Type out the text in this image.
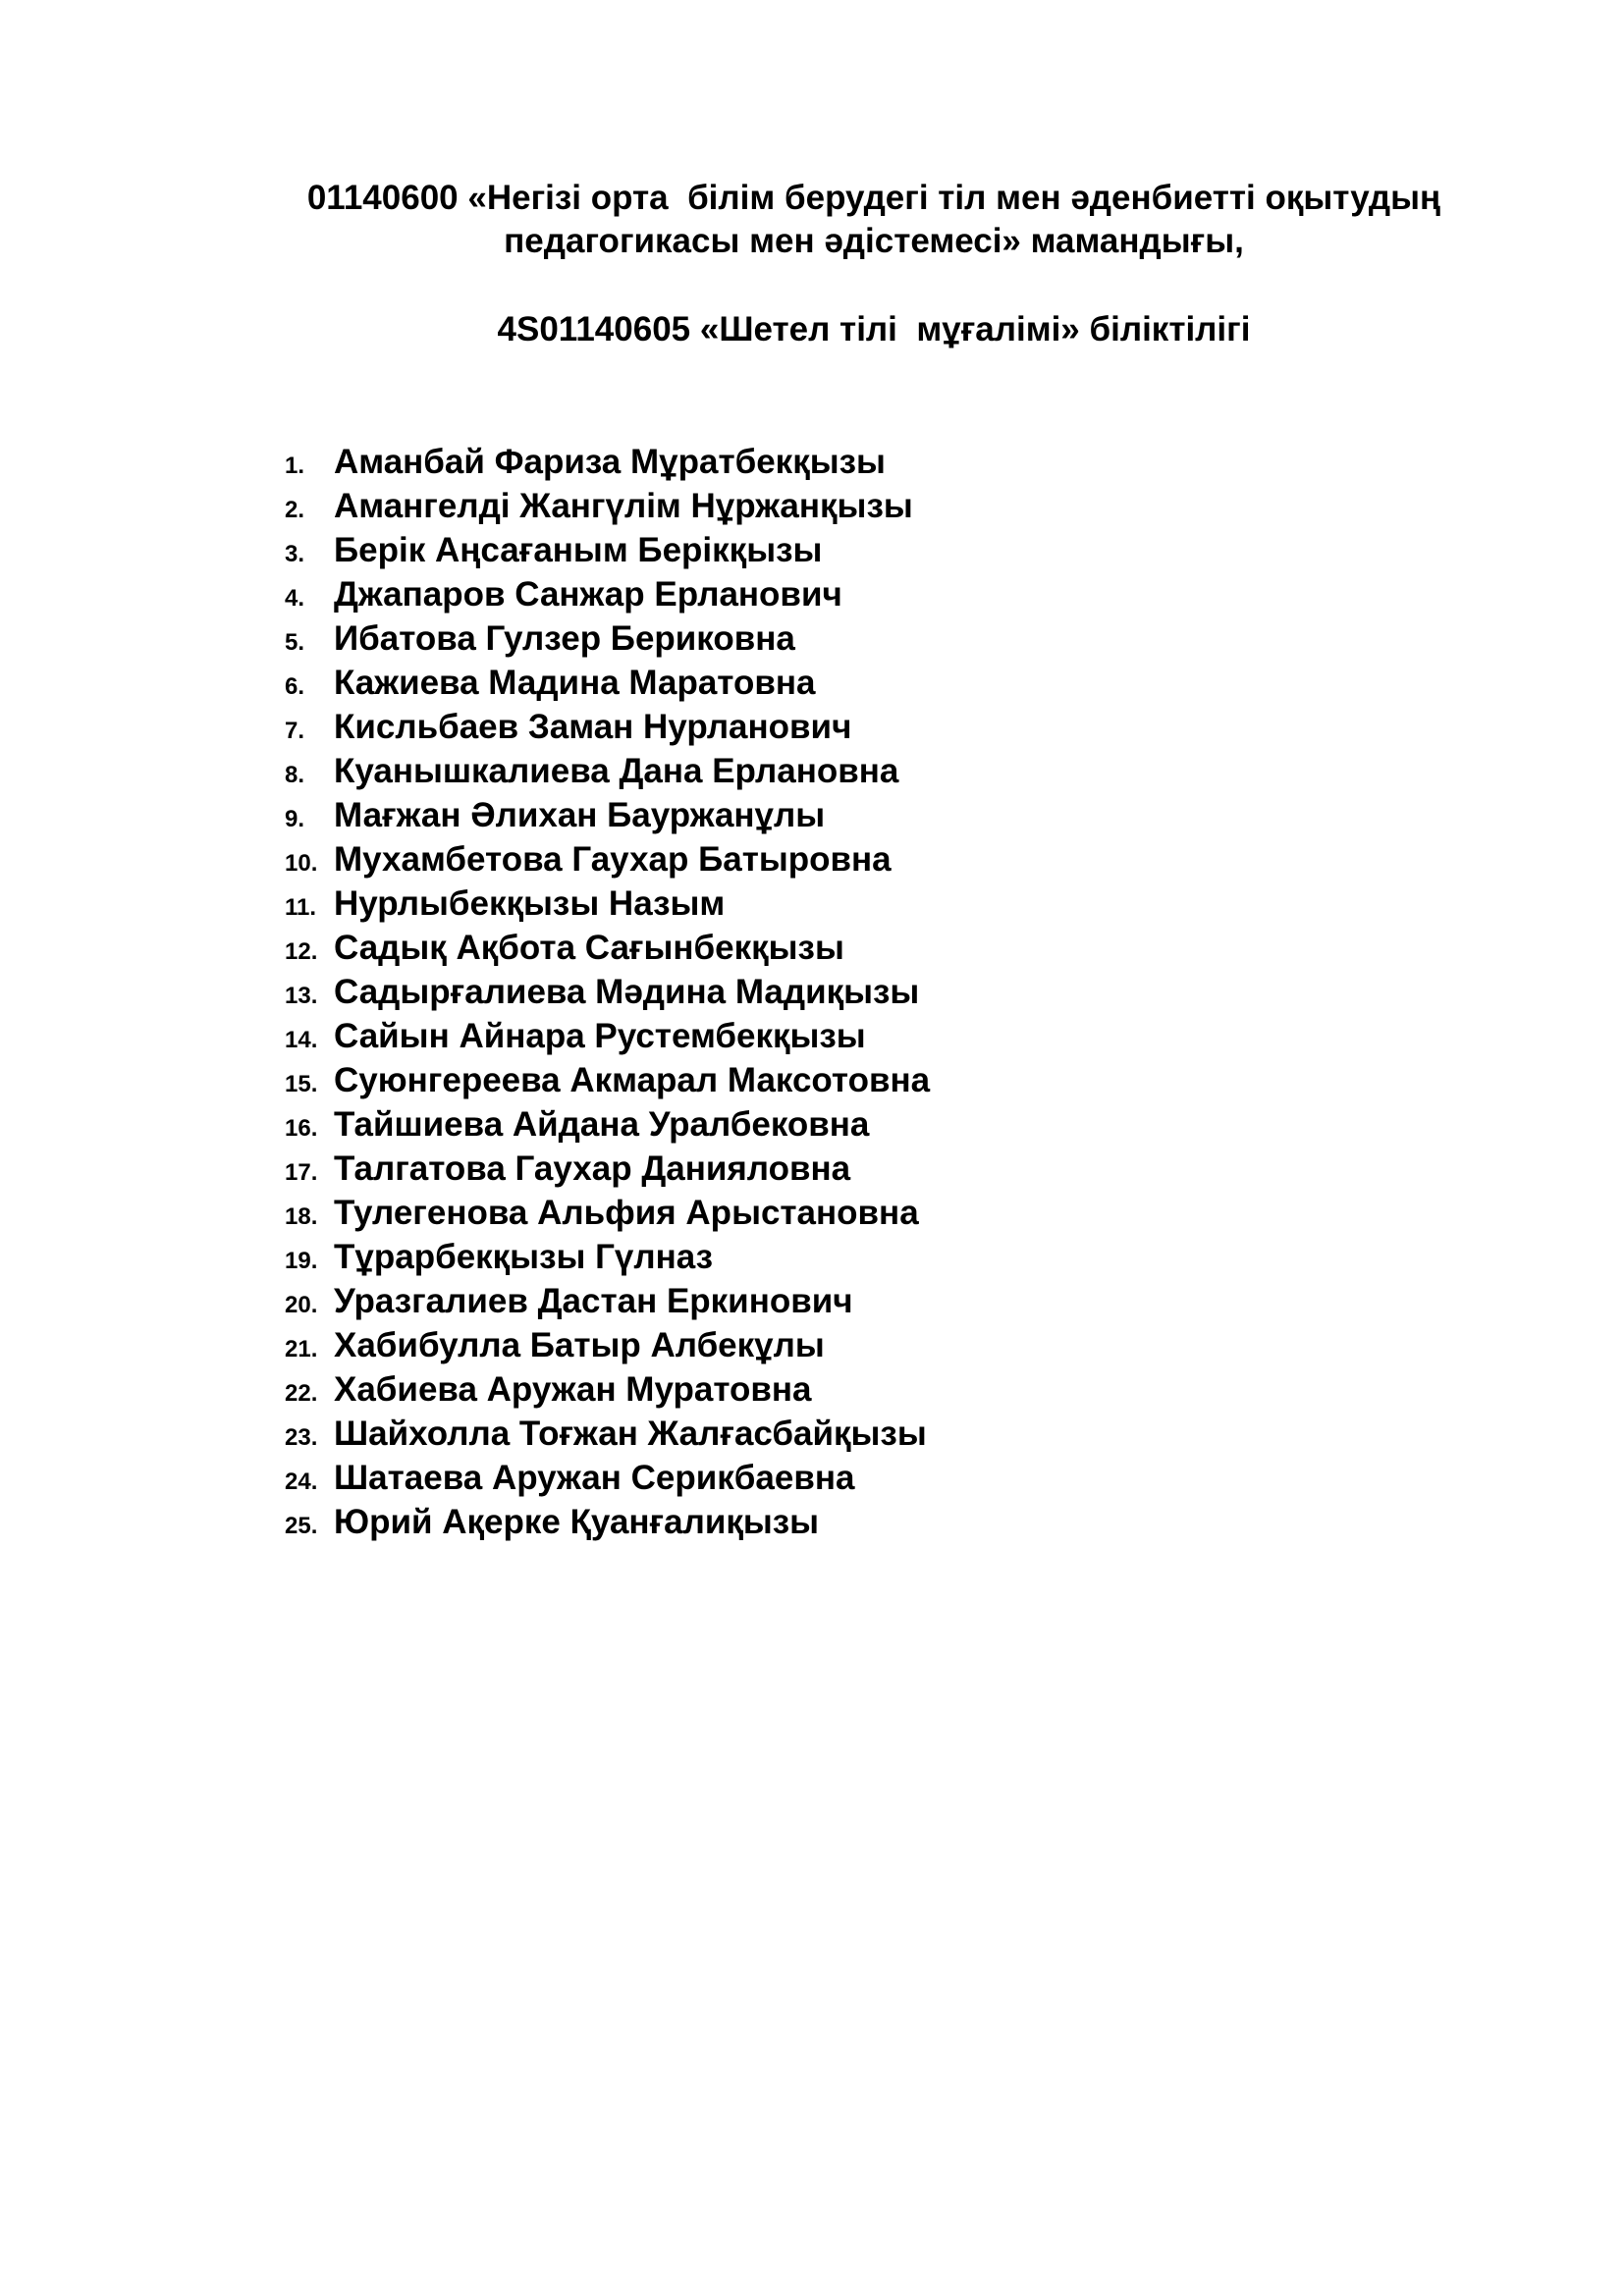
01140600 «Негізі орта  білім берудегі тіл мен әденбиетті оқытудың
педагогикасы мен әдістемесі» мамандығы,
4S01140605 «Шетел тілі  мұғалімі» біліктілігі
1. Аманбай Фариза Мұратбекқызы
2. Амангелді Жангүлім Нұржанқызы
3. Берік Аңсағаным Берікқызы
4. Джапаров Санжар Ерланович
5. Ибатова Гулзер Бериковна
6. Кажиева Мадина Маратовна
7. Кисльбаев Заман Нурланович
8. Куанышкалиева Дана Ерлановна
9. Мағжан Әлихан Бауржанұлы
10. Мухамбетова Гаухар Батыровна
11. Нурлыбекқызы Назым
12. Садық Ақбота Сағынбекқызы
13. Садырғалиева Мәдина Мадиқызы
14. Сайын Айнара Рустембекқызы
15. Суюнгереева Акмарал Максотовна
16. Тайшиева Айдана Уралбековна
17. Талгатова Гаухар Данияловна
18. Тулегенова Альфия Арыстановна
19. Тұрарбекқызы Гүлназ
20. Уразгалиев Дастан Еркинович
21. Хабибулла Батыр Албекұлы
22. Хабиева Аружан Муратовна
23. Шайхолла Тоғжан Жалғасбайқызы
24. Шатаева Аружан Серикбаевна
25. Юрий Ақерке Қуанғалиқызы
